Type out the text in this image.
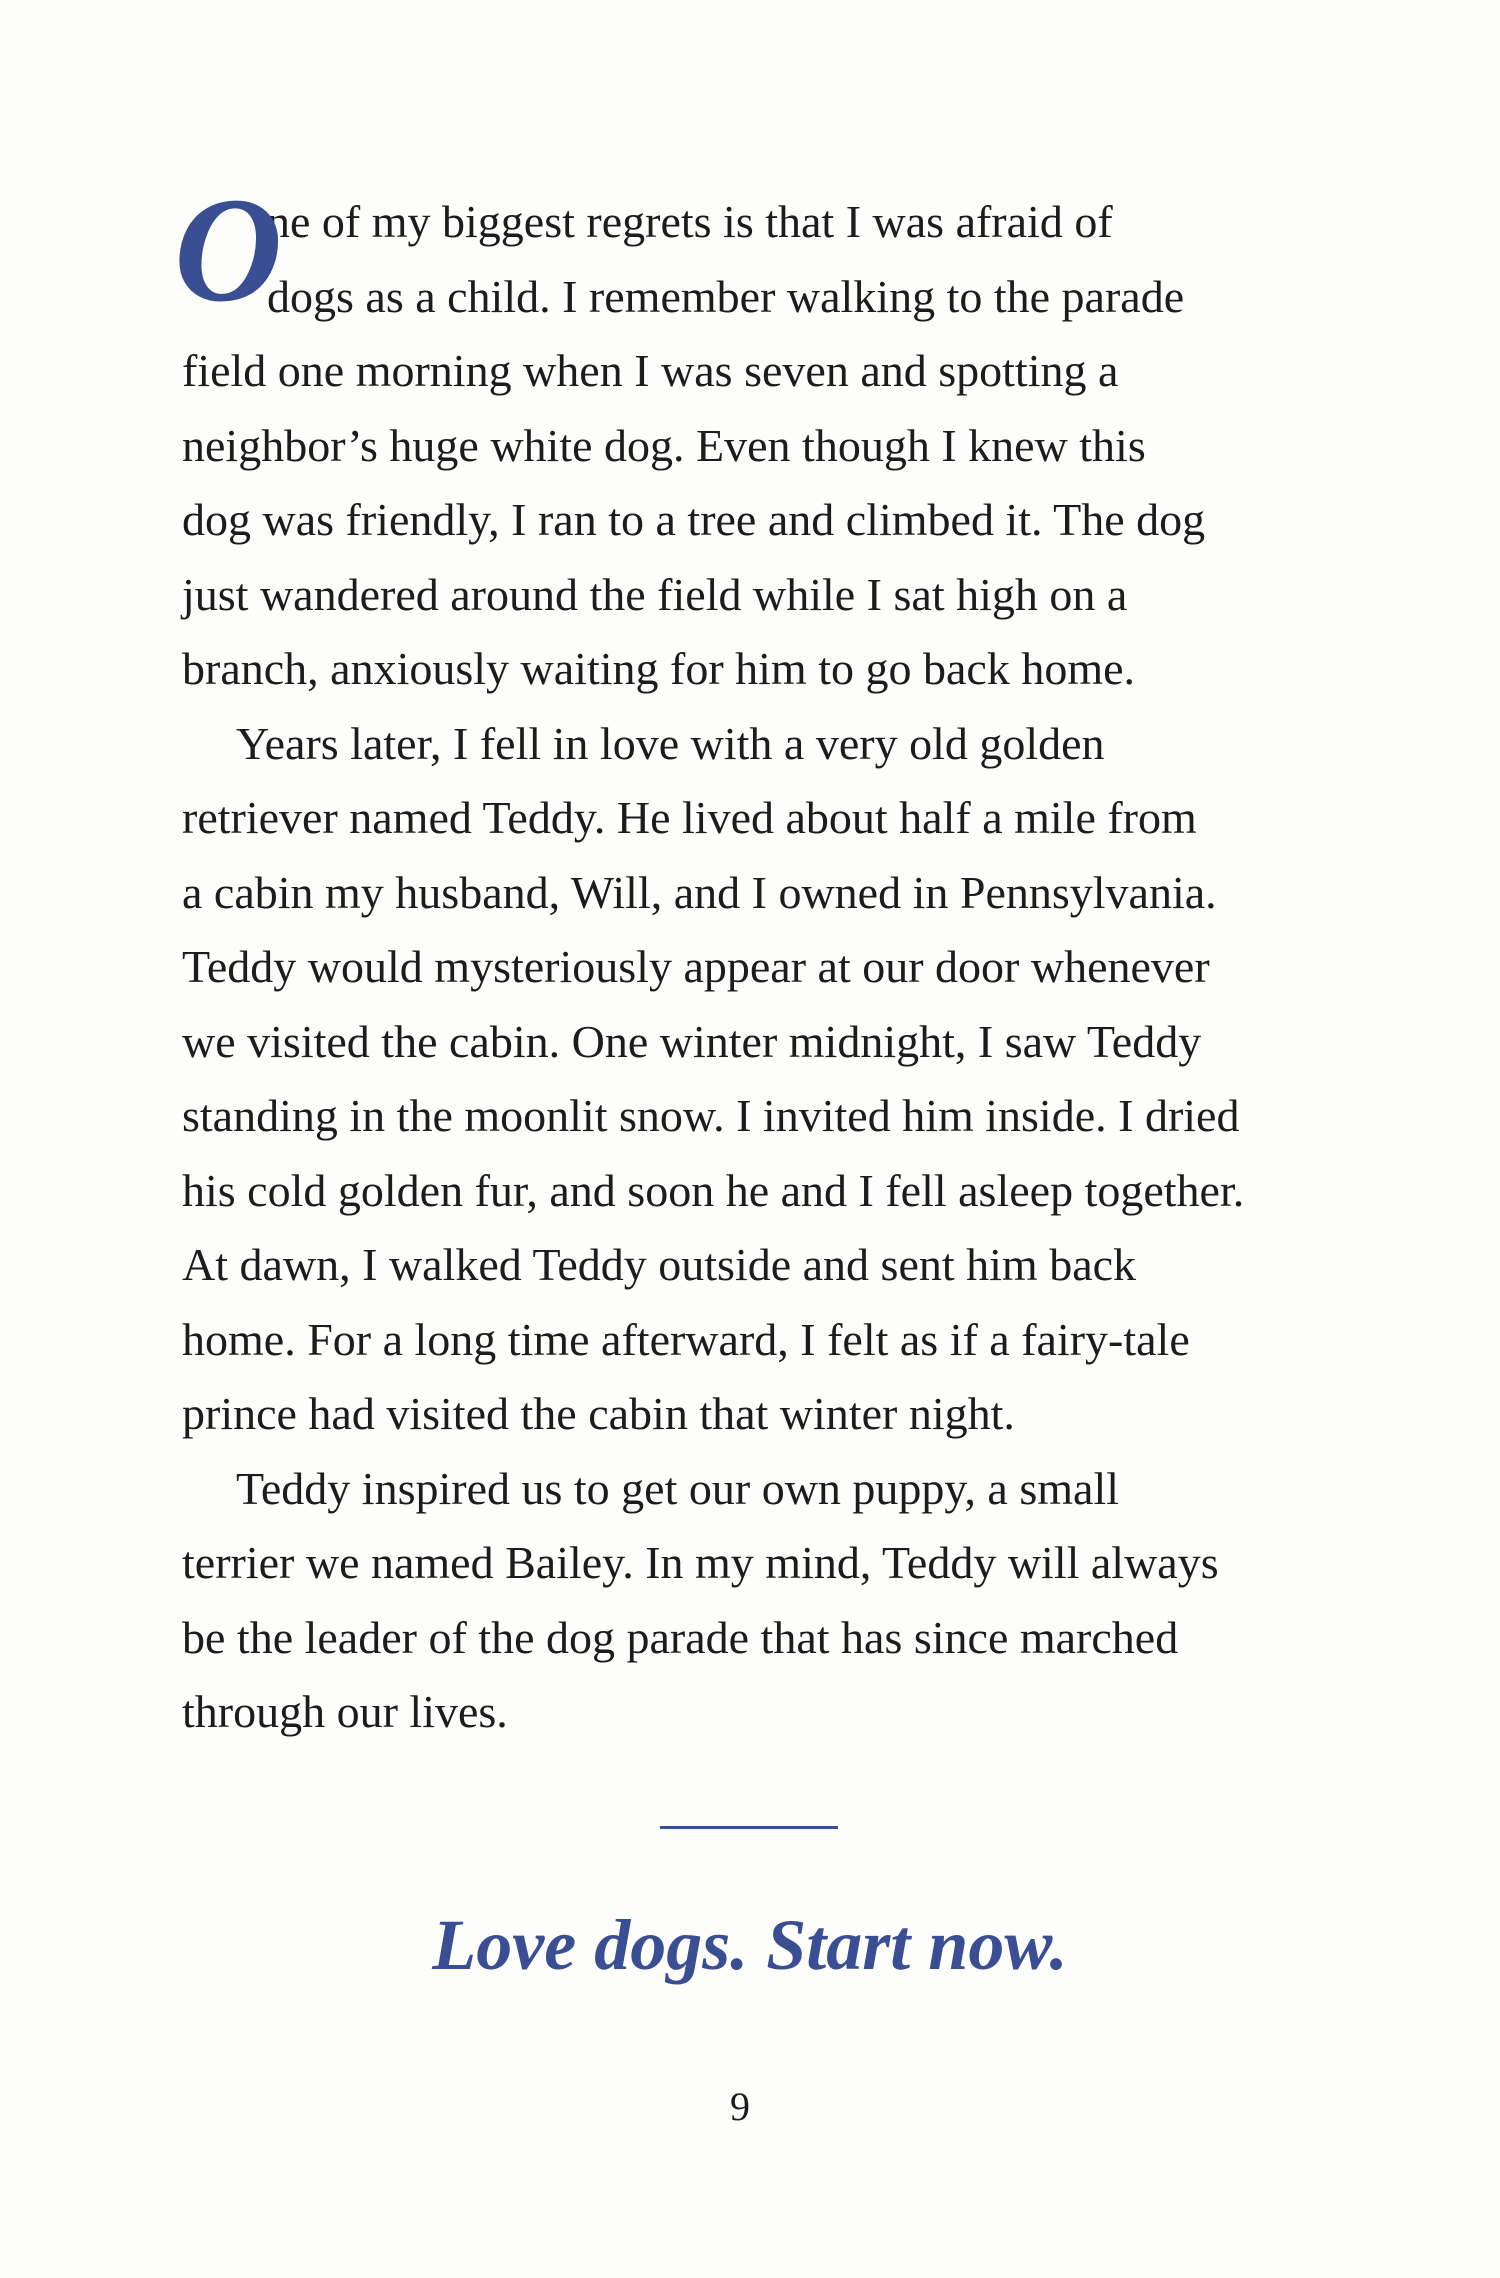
O
ne of my biggest regrets is that I was afraid of
dogs as a child. I remember walking to the parade
field one morning when I was seven and spotting a
neighbor’s huge white dog. Even though I knew this
dog was friendly, I ran to a tree and climbed it. The dog
just wandered around the field while I sat high on a
branch, anxiously waiting for him to go back home.

Years later, I fell in love with a very old golden
retriever named Teddy. He lived about half a mile from
a cabin my husband, Will, and I owned in Pennsylvania.
Teddy would mysteriously appear at our door whenever
we visited the cabin. One winter midnight, I saw Teddy
standing in the moonlit snow. I invited him inside. I dried
his cold golden fur, and soon he and I fell asleep together.
At dawn, I walked Teddy outside and sent him back
home. For a long time afterward, I felt as if a fairy-tale
prince had visited the cabin that winter night.

Teddy inspired us to get our own puppy, a small
terrier we named Bailey. In my mind, Teddy will always
be the leader of the dog parade that has since marched
through our lives.

Love dogs. Start now.
9
